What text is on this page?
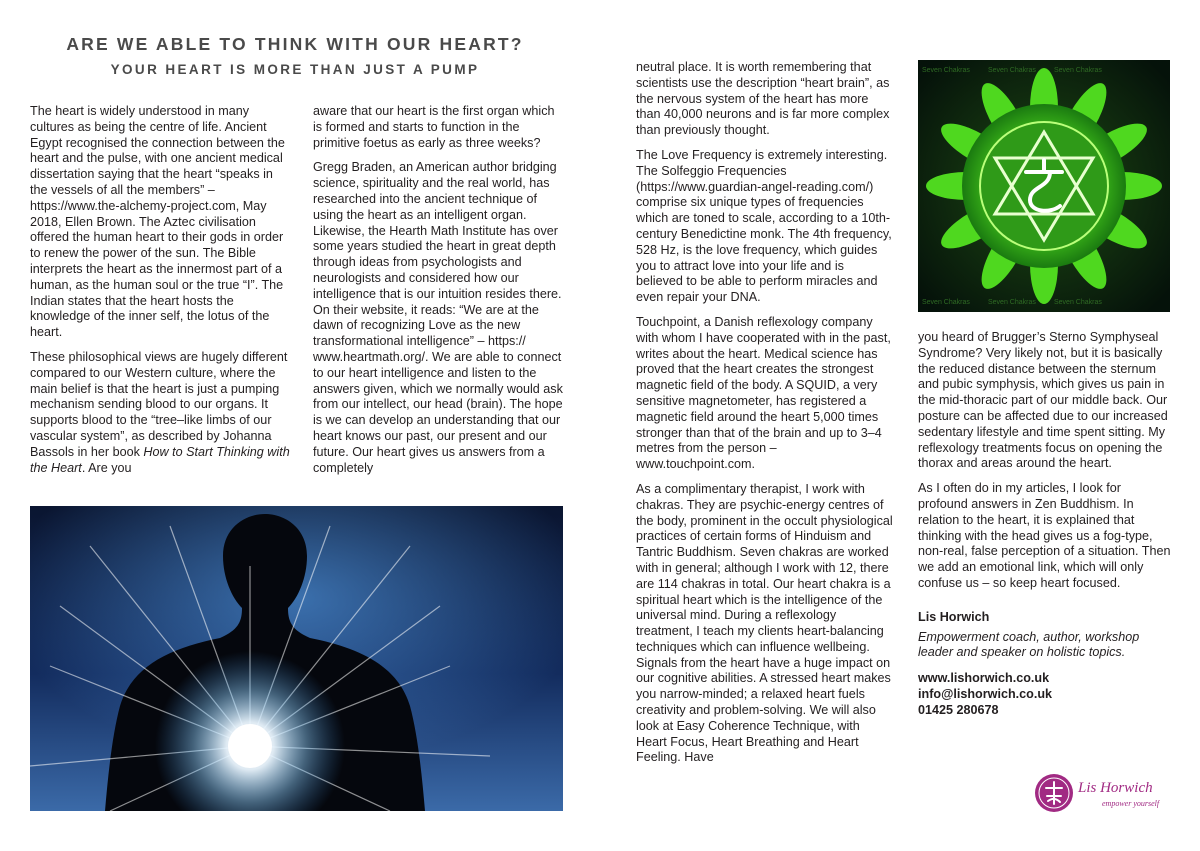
ARE WE ABLE TO THINK WITH OUR HEART?
YOUR HEART IS MORE THAN JUST A PUMP

The heart is widely understood in many cultures as being the centre of life. Ancient Egypt recognised the connection between the heart and the pulse, with one ancient medical dissertation saying that the heart “speaks in the vessels of all the members” – https://www.the-alchemy-project.com, May 2018, Ellen Brown. The Aztec civilisation offered the human heart to their gods in order to renew the power of the sun. The Bible interprets the heart as the innermost part of a human, as the human soul or the true “I”. The Indian states that the heart hosts the knowledge of the inner self, the lotus of the heart.

These philosophical views are hugely different compared to our Western culture, where the main belief is that the heart is just a pumping mechanism sending blood to our organs. It supports blood to the “tree–like limbs of our vascular system”, as described by Johanna Bassols in her book How to Start Thinking with the Heart. Are you

aware that our heart is the first organ which is formed and starts to function in the primitive foetus as early as three weeks?

Gregg Braden, an American author bridging science, spirituality and the real world, has researched into the ancient technique of using the heart as an intelligent organ. Likewise, the Hearth Math Institute has over some years studied the heart in great depth through ideas from psychologists and neurologists and considered how our intelligence that is our intuition resides there. On their website, it reads: “We are at the dawn of recognizing Love as the new transformational intelligence” – https:// www.heartmath.org/. We are able to connect to our heart intelligence and listen to the answers given, which we normally would ask from our intellect, our head (brain). The hope is we can develop an understanding that our heart knows our past, our present and our future. Our heart gives us answers from a completely

neutral place. It is worth remembering that scientists use the description “heart brain”, as the nervous system of the heart has more than 40,000 neurons and is far more complex than previously thought.

The Love Frequency is extremely interesting. The Solfeggio Frequencies (https://www.guardian-angel-reading.com/) comprise six unique types of frequencies which are toned to scale, according to a 10th-century Benedictine monk. The 4th frequency, 528 Hz, is the love frequency, which guides you to attract love into your life and is believed to be able to perform miracles and even repair your DNA.

Touchpoint, a Danish reflexology company with whom I have cooperated with in the past, writes about the heart. Medical science has proved that the heart creates the strongest magnetic field of the body. A SQUID, a very sensitive magnetometer, has registered a magnetic field around the heart 5,000 times stronger than that of the brain and up to 3–4 metres from the person – www.touchpoint.com.

As a complimentary therapist, I work with chakras. They are psychic-energy centres of the body, prominent in the occult physiological practices of certain forms of Hinduism and Tantric Buddhism. Seven chakras are worked with in general; although I work with 12, there are 114 chakras in total. Our heart chakra is a spiritual heart which is the intelligence of the universal mind. During a reflexology treatment, I teach my clients heart-balancing techniques which can influence wellbeing. Signals from the heart have a huge impact on our cognitive abilities. A stressed heart makes you narrow-minded; a relaxed heart fuels creativity and problem-solving. We will also look at Easy Coherence Technique, with Heart Focus, Heart Breathing and Heart Feeling. Have

you heard of Brugger’s Sterno Symphyseal Syndrome? Very likely not, but it is basically the reduced distance between the sternum and pubic symphysis, which gives us pain in the mid-thoracic part of our middle back. Our posture can be affected due to our increased sedentary lifestyle and time spent sitting. My reflexology treatments focus on opening the thorax and areas around the heart.

As I often do in my articles, I look for profound answers in Zen Buddhism. In relation to the heart, it is explained that thinking with the head gives us a fog-type, non-real, false perception of a situation. Then we add an emotional link, which will only confuse us – so keep heart focused.

Lis Horwich
Empowerment coach, author, workshop leader and speaker on holistic topics.
www.lishorwich.co.uk
info@lishorwich.co.uk
01425 280678
Seven Chakras	Seven Chakras	Seven Chakras
Seven Chakras	Seven Chakras	Seven Chakras
Lis Horwich
empower yourself
